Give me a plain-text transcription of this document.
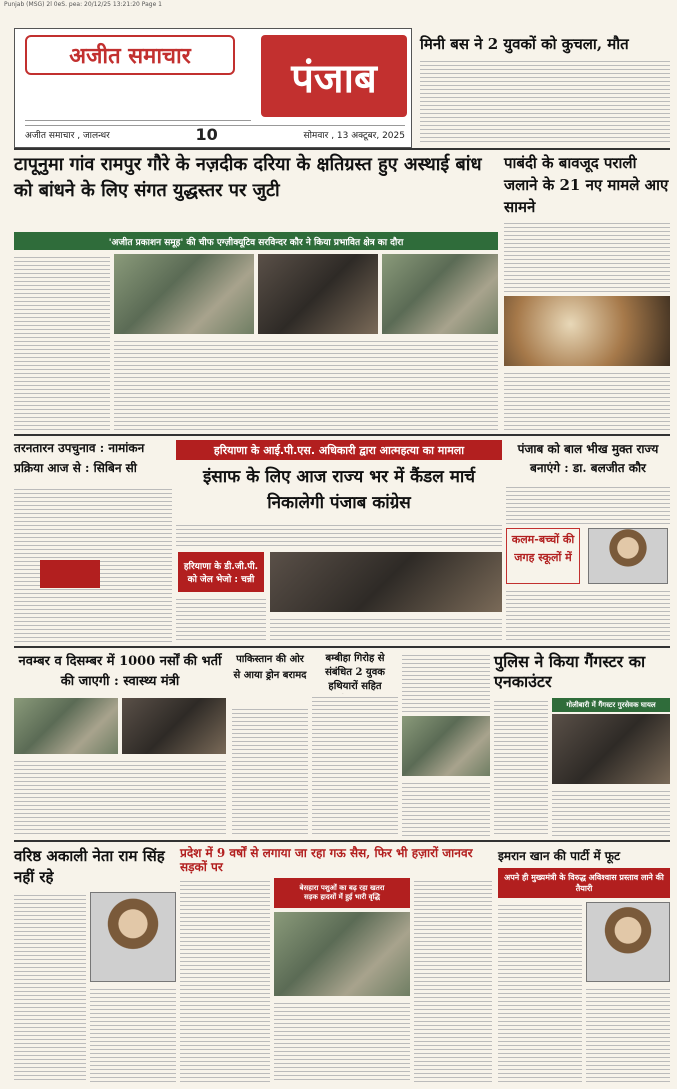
Punjab (MSG) 2l 0eS. pea: 20/12/25 13:21:20 Page 1
अजीत समाचार	पंजाब
अजीत समाचार , जालन्धर	10	सोमवार , 13 अक्टूबर, 2025
मिनी बस ने 2 युवकों को कुचला, मौत
टापूनुमा गांव रामपुर गौरे के नज़दीक दरिया के क्षतिग्रस्त हुए अस्थाई बांध को बांधने के लिए संगत युद्धस्तर पर जुटी
'अजीत प्रकाशन समूह' की चीफ एग्ज़ीक्यूटिव सरविन्दर कौर ने किया प्रभावित क्षेत्र का दौरा
पाबंदी के बावजूद पराली जलाने के 21 नए मामले आए सामने
हरियाणा के आई.पी.एस. अधिकारी द्वारा आत्महत्या का मामला
तरनतारन उपचुनाव : नामांकन प्रक्रिया आज से : सिबिन सी	इंसाफ के लिए आज राज्य भर में कैंडल मार्च निकालेगी पंजाब कांग्रेस
हरियाणा के डी.जी.पी. को जेल भेजो : चन्नी
पंजाब को बाल भीख मुक्त राज्य बनाएंगे : डा. बलजीत कौर
कलम-बच्चों की जगह स्कूलों में
नवम्बर व दिसम्बर में 1000 नर्सों की भर्ती की जाएगी : स्वास्थ्य मंत्री
पाकिस्तान की ओर से आया ड्रोन बरामद
बम्बीहा गिरोह से संबंधित 2 युवक हथियारों सहित
पुलिस ने किया गैंगस्टर का एनकाउंटर
गोलीबारी में गैंगस्टर गुरसेवक घायल
वरिष्ठ अकाली नेता राम सिंह नहीं रहे
प्रदेश में 9 वर्षों से लगाया जा रहा गऊ सैस, फिर भी हज़ारों जानवर सड़कों पर
बेसहारा पशुओं का बढ़ रहा खतरा
सड़क हादसों में हुई भारी वृद्धि
इमरान खान की पार्टी में फूट
अपने ही मुख्यमंत्री के विरुद्ध अविश्वास प्रस्ताव लाने की तैयारी
